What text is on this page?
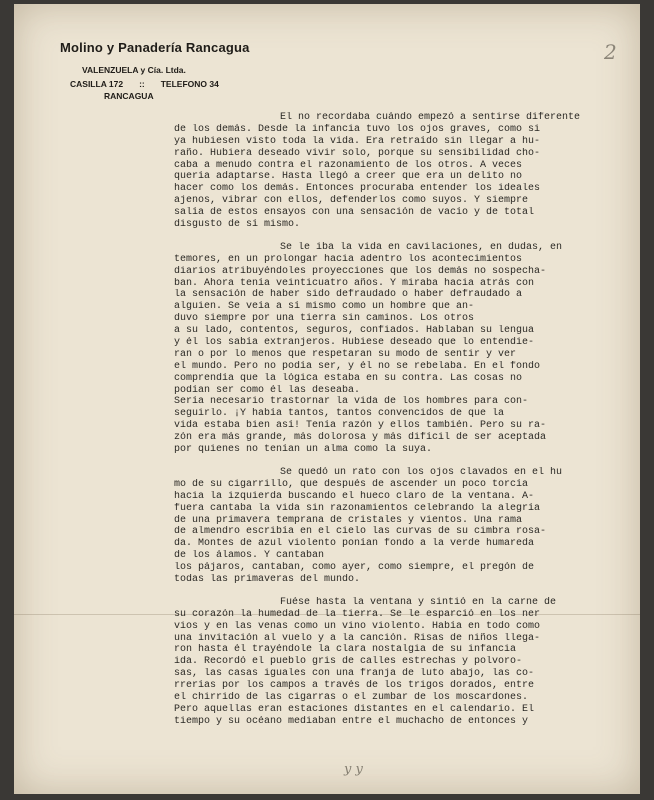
Molino y Panadería Rancagua

VALENZUELA y Cía. Ltda.

CASILLA 172 :: TELEFONO 34

RANCAGUA

2
Él no recordaba cuándo empezó a sentirse diferente
de los demás. Desde la infancia tuvo los ojos graves, como si
ya hubiesen visto toda la vida. Era retraído sin llegar a hu-
raño. Hubiera deseado vivir solo, porque su sensibilidad cho-
caba a menudo contra el razonamiento de los otros. A veces
quería adaptarse. Hasta llegó a creer que era un delito no
hacer como los demás. Entonces procuraba entender los ideales
ajenos, vibrar con ellos, defenderlos como suyos. Y siempre
salía de estos ensayos con una sensación de vacío y de total
disgusto de sí mismo.
Se le iba la vida en cavilaciones, en dudas, en
temores, en un prolongar hacia adentro los acontecimientos
diarios atribuyéndoles proyecciones que los demás no sospecha-
ban. Ahora tenía veinticuatro años. Y miraba hacia atrás con
la sensación de haber sido defraudado o haber defraudado a
alguien. Se veía a sí mismo como un hombre que an-
duvo siempre por una tierra sin caminos. Los otros
a su lado, contentos, seguros, confiados. Hablaban su lengua
y él los sabía extranjeros. Hubiese deseado que lo entendie-
ran o por lo menos que respetaran su modo de sentir y ver
el mundo. Pero no podía ser, y él no se rebelaba. En el fondo
comprendía que la lógica estaba en su contra. Las cosas no
podían ser como él las deseaba.
Sería necesario trastornar la vida de los hombres para con-
seguirlo. ¡Y había tantos, tantos convencidos de que la
vida estaba bien así! Tenía razón y ellos también. Pero su ra-
zón era más grande, más dolorosa y más difícil de ser aceptada
por quienes no tenían un alma como la suya.
Se quedó un rato con los ojos clavados en el hu
mo de su cigarrillo, que después de ascender un poco torcía
hacia la izquierda buscando el hueco claro de la ventana. A-
fuera cantaba la vida sin razonamientos celebrando la alegría
de una primavera temprana de cristales y vientos. Una rama
de almendro escribía en el cielo las curvas de su cimbra rosa-
da. Montes de azul violento ponían fondo a la verde humareda
de los álamos. Y cantaban
los pájaros, cantaban, como ayer, como siempre, el pregón de
todas las primaveras del mundo.
Fuése hasta la ventana y sintió en la carne de
su corazón la humedad de la tierra. Se le esparció en los ner
vios y en las venas como un vino violento. Había en todo como
una invitación al vuelo y a la canción. Risas de niños llega-
ron hasta él trayéndole la clara nostalgia de su infancia
ida. Recordó el pueblo gris de calles estrechas y polvoro-
sas, las casas iguales con una franja de luto abajo, las co-
rrerías por los campos a través de los trigos dorados, entre
el chirrido de las cigarras o el zumbar de los moscardones.
Pero aquellas eran estaciones distantes en el calendario. El
tiempo y su océano mediaban entre el muchacho de entonces y
y y
